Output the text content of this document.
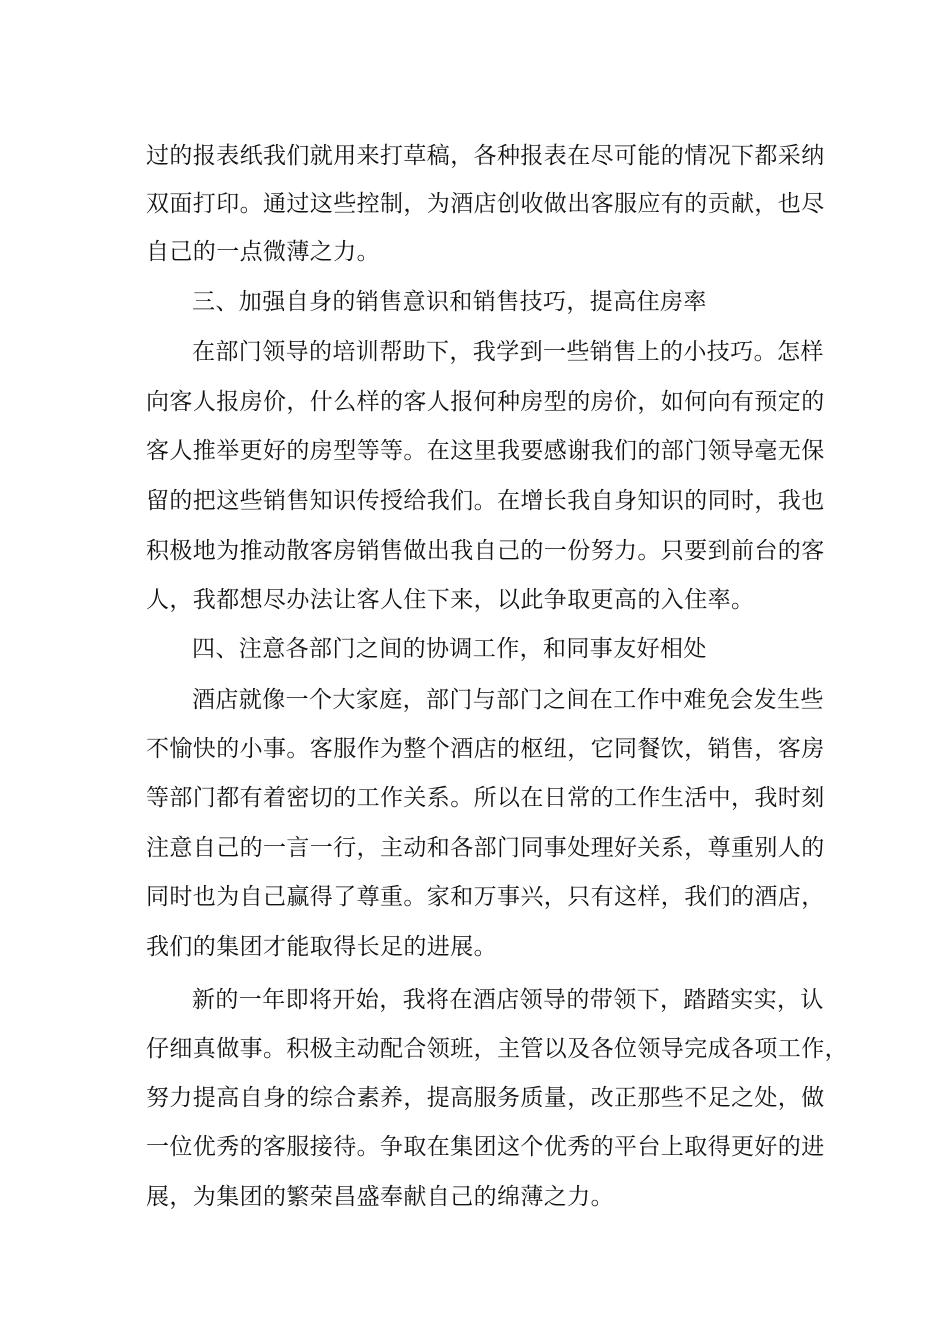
过的报表纸我们就用来打草稿，各种报表在尽可能的情况下都采纳
双面打印。通过这些控制，为酒店创收做出客服应有的贡献，也尽
自己的一点微薄之力。
三、加强自身的销售意识和销售技巧，提高住房率
在部门领导的培训帮助下，我学到一些销售上的小技巧。怎样
向客人报房价，什么样的客人报何种房型的房价，如何向有预定的
客人推举更好的房型等等。在这里我要感谢我们的部门领导毫无保
留的把这些销售知识传授给我们。在增长我自身知识的同时，我也
积极地为推动散客房销售做出我自己的一份努力。只要到前台的客
人，我都想尽办法让客人住下来，以此争取更高的入住率。
四、注意各部门之间的协调工作，和同事友好相处
酒店就像一个大家庭，部门与部门之间在工作中难免会发生些
不愉快的小事。客服作为整个酒店的枢纽，它同餐饮，销售，客房
等部门都有着密切的工作关系。所以在日常的工作生活中，我时刻
注意自己的一言一行，主动和各部门同事处理好关系，尊重别人的
同时也为自己赢得了尊重。家和万事兴，只有这样，我们的酒店，
我们的集团才能取得长足的进展。
新的一年即将开始，我将在酒店领导的带领下，踏踏实实，认
仔细真做事。积极主动配合领班，主管以及各位领导完成各项工作，
努力提高自身的综合素养，提高服务质量，改正那些不足之处，做
一位优秀的客服接待。争取在集团这个优秀的平台上取得更好的进
展，为集团的繁荣昌盛奉献自己的绵薄之力。
